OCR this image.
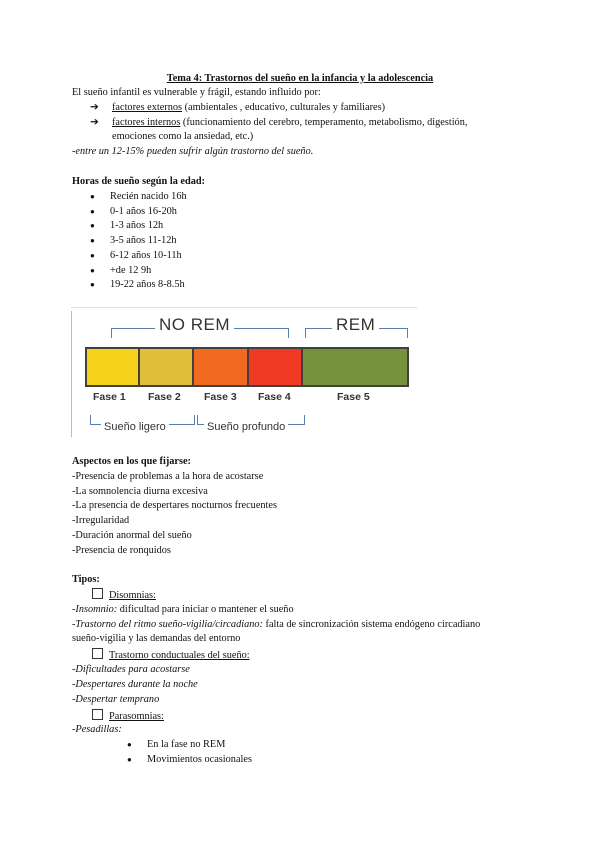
Tema 4: Trastornos del sueño en la infancia y la adolescencia
El sueño infantil es vulnerable y frágil, estando influido por:
➔ factores externos (ambientales , educativo, culturales y familiares)
➔ factores internos (funcionamiento del cerebro, temperamento, metabolismo, digestión,
emociones como la ansiedad, etc.)
-entre un 12-15% pueden sufrir algún trastorno del sueño.
Horas de sueño según la edad:
● Recién nacido 16h
● 0-1 años 16-20h
● 1-3 años 12h
● 3-5 años 11-12h
● 6-12 años 10-11h
● +de 12 9h
● 19-22 años 8-8.5h
NO REM	REM
Fase 1 Fase 2 Fase 3 Fase 4	Fase 5
Sueño ligero	Sueño profundo
Aspectos en los que fijarse:
-Presencia de problemas a la hora de acostarse
-La somnolencia diurna excesiva
-La presencia de despertares nocturnos frecuentes
-Irregularidad
-Duración anormal del sueño
-Presencia de ronquidos
Tipos:
Disomnias:
-Insomnio: dificultad para iniciar o mantener el sueño
-Trastorno del ritmo sueño-vigilia/circadiano: falta de sincronización sistema endógeno circadiano
sueño-vigilia y las demandas del entorno
Trastorno conductuales del sueño:
-Dificultades para acostarse
-Despertares durante la noche
-Despertar temprano
Parasomnias:
-Pesadillas:
● En la fase no REM
● Movimientos ocasionales
